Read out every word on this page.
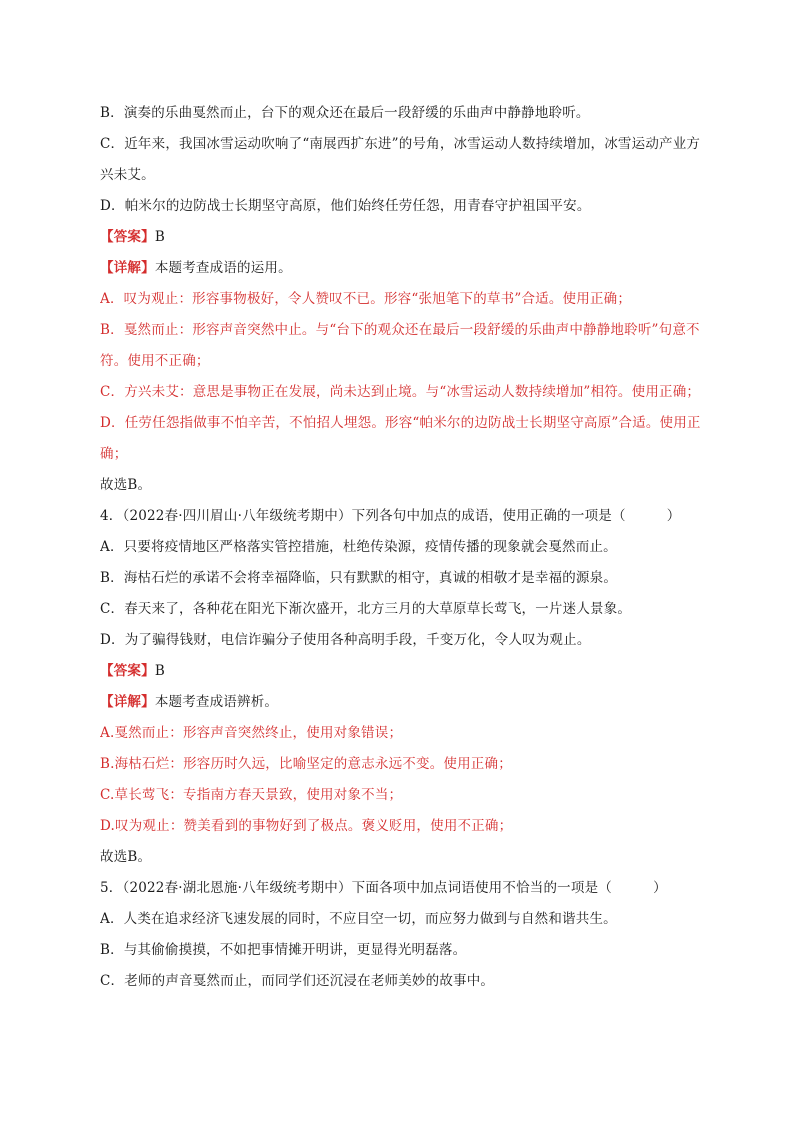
B．演奏的乐曲戛然而止，台下的观众还在最后一段舒缓的乐曲声中静静地聆听。
C．近年来，我国冰雪运动吹响了“南展西扩东进”的号角，冰雪运动人数持续增加，冰雪运动产业方
兴未艾。
D．帕米尔的边防战士长期坚守高原，他们始终任劳任怨，用青春守护祖国平安。
【答案】B
【详解】本题考查成语的运用。
A．叹为观止：形容事物极好，令人赞叹不已。形容“张旭笔下的草书”合适。使用正确；
B．戛然而止：形容声音突然中止。与“台下的观众还在最后一段舒缓的乐曲声中静静地聆听”句意不
符。使用不正确；
C．方兴未艾：意思是事物正在发展，尚未达到止境。与“冰雪运动人数持续增加”相符。使用正确；
D．任劳任怨指做事不怕辛苦，不怕招人埋怨。形容“帕米尔的边防战士长期坚守高原”合适。使用正
确；
故选B。
4．（2022春·四川眉山·八年级统考期中）下列各句中加点的成语，使用正确的一项是（　　　）
A．只要将疫情地区严格落实管控措施，杜绝传染源，疫情传播的现象就会戛然而止。
B．海枯石烂的承诺不会将幸福降临，只有默默的相守，真诚的相敬才是幸福的源泉。
C．春天来了，各种花在阳光下渐次盛开，北方三月的大草原草长莺飞，一片迷人景象。
D．为了骗得钱财，电信诈骗分子使用各种高明手段，千变万化，令人叹为观止。
【答案】B
【详解】本题考查成语辨析。
A.戛然而止：形容声音突然终止，使用对象错误；
B.海枯石烂：形容历时久远，比喻坚定的意志永远不变。使用正确；
C.草长莺飞：专指南方春天景致，使用对象不当；
D.叹为观止：赞美看到的事物好到了极点。褒义贬用，使用不正确；
故选B。
5．（2022春·湖北恩施·八年级统考期中）下面各项中加点词语使用不恰当的一项是（　　　）
A．人类在追求经济飞速发展的同时，不应目空一切，而应努力做到与自然和谐共生。
B．与其偷偷摸摸，不如把事情摊开明讲，更显得光明磊落。
C．老师的声音戛然而止，而同学们还沉浸在老师美妙的故事中。
